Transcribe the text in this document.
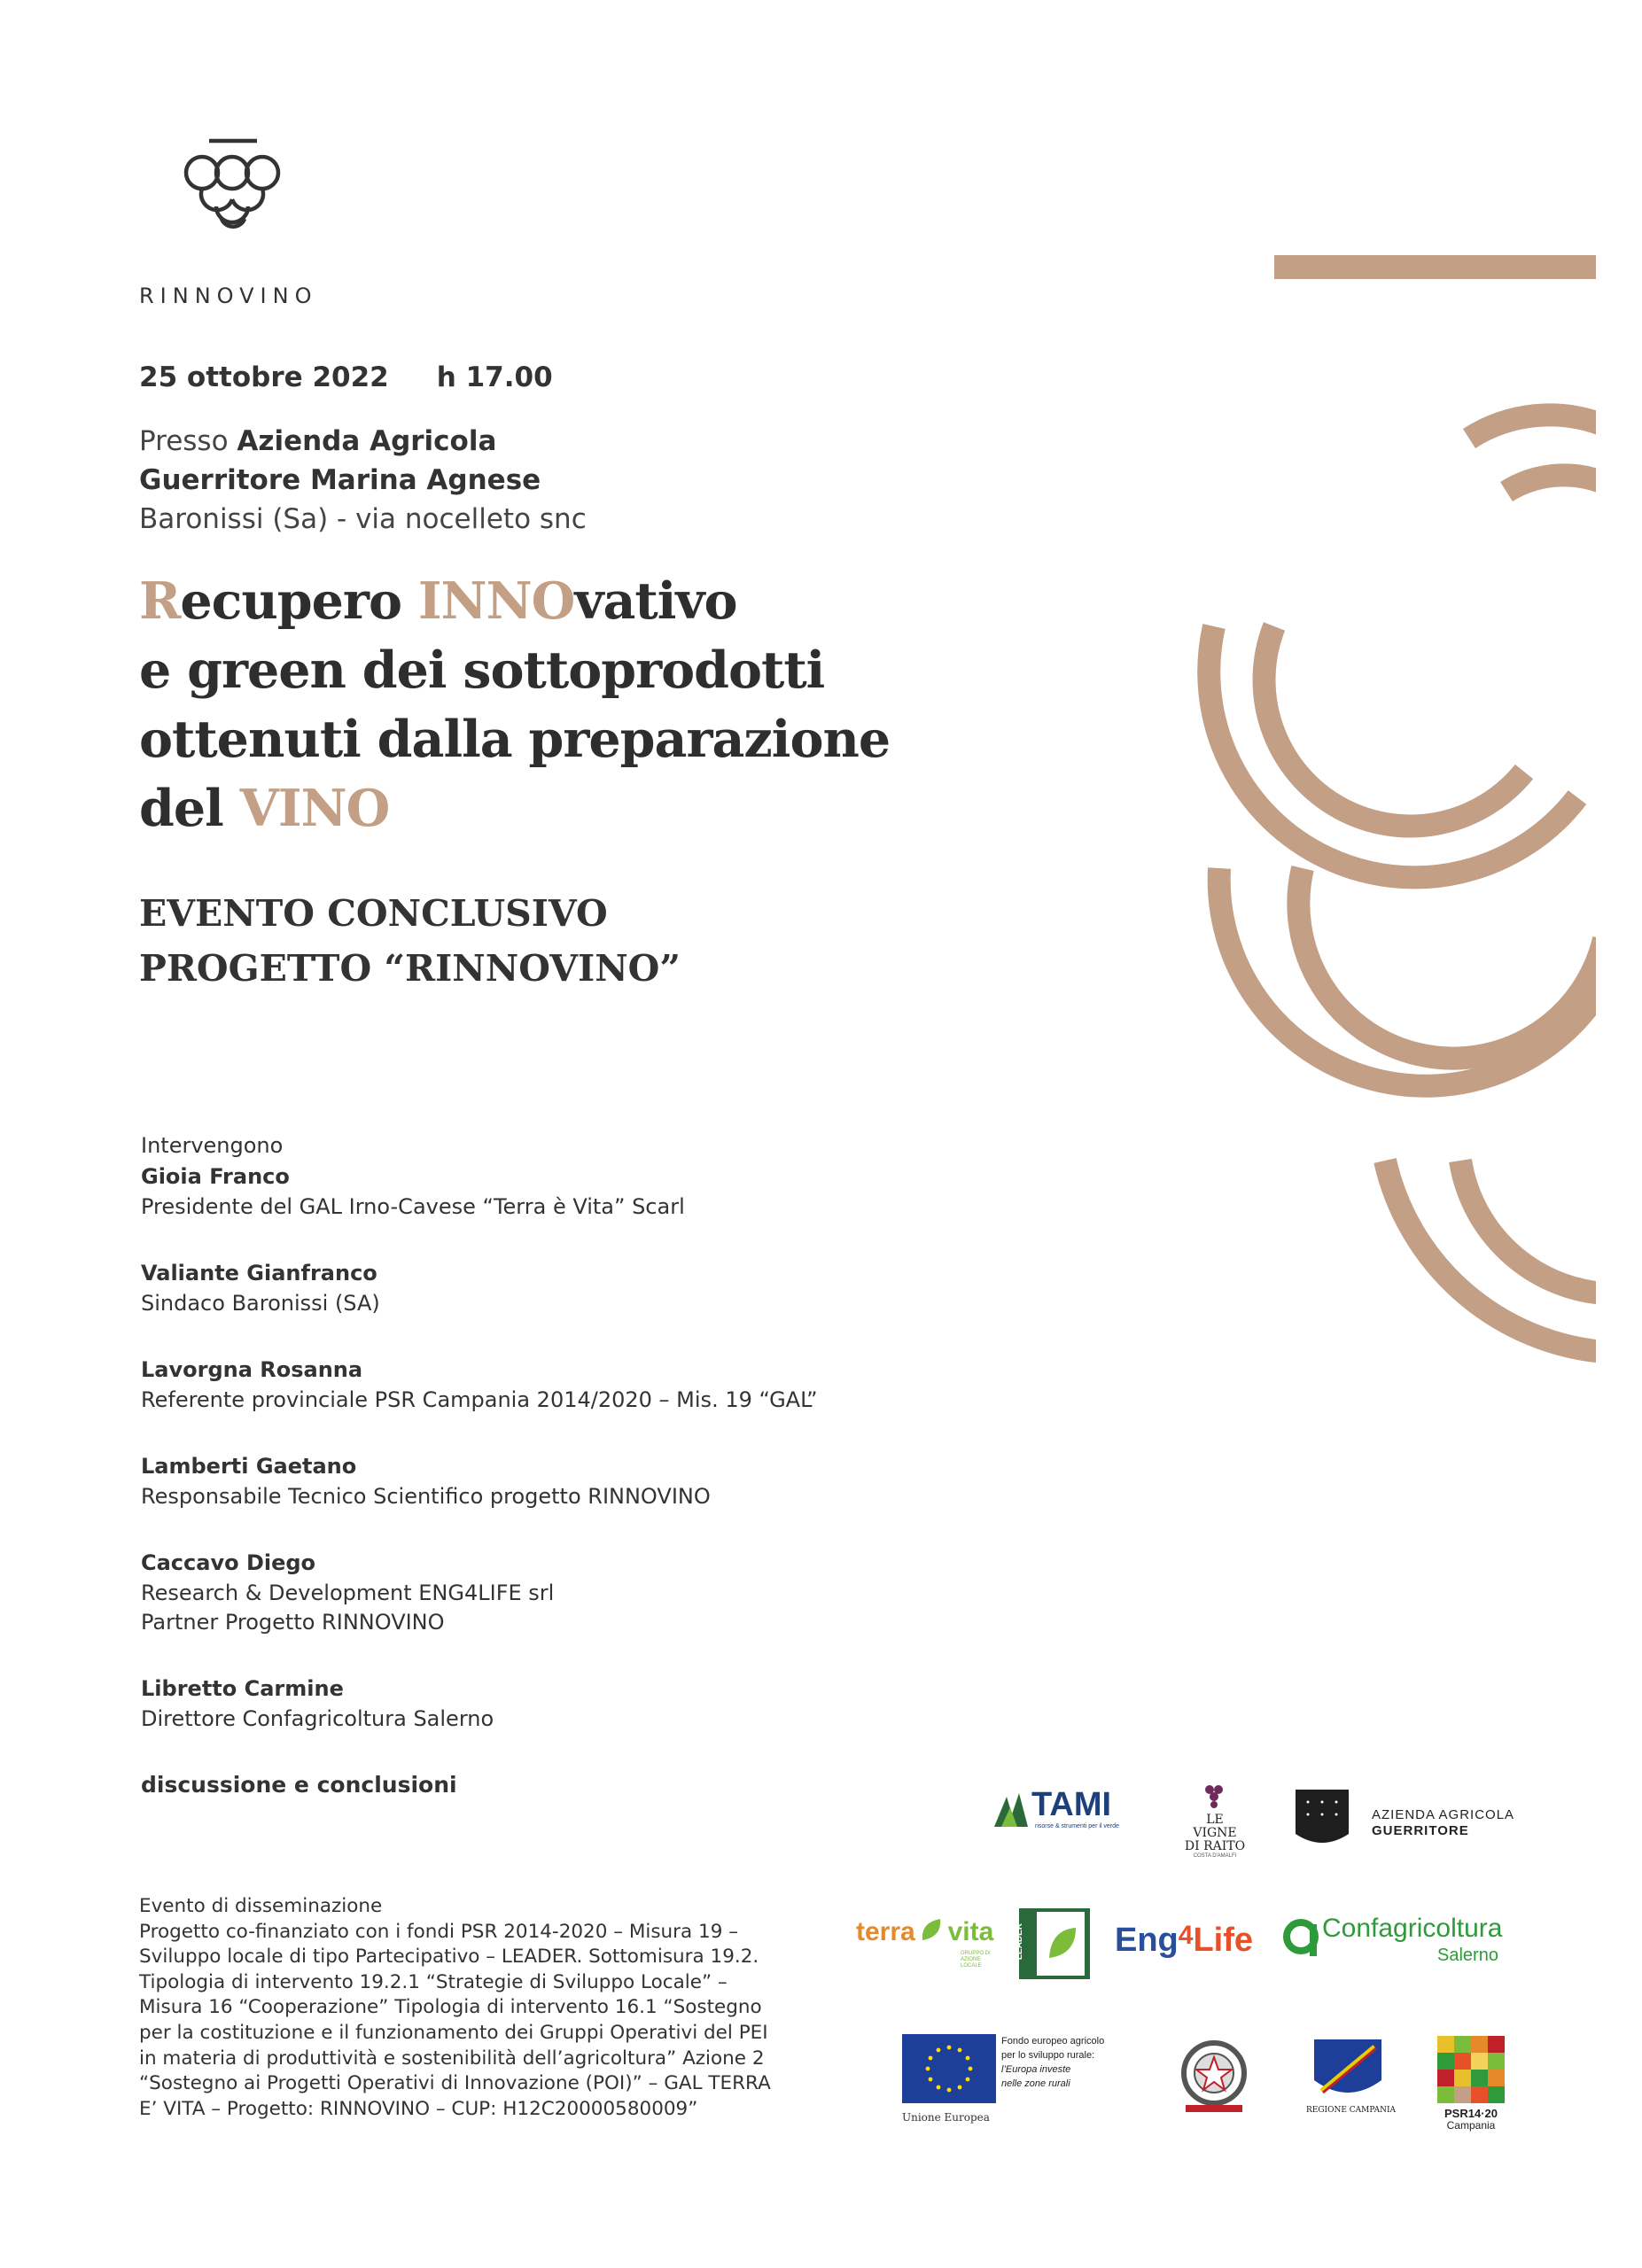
RINNOVINO
25 ottobre 2022 h 17.00
Presso Azienda Agricola
Guerritore Marina Agnese
Baronissi (Sa) - via nocelleto snc
Recupero INNOvativo
e green dei sottoprodotti
ottenuti dalla preparazione
del VINO
EVENTO CONCLUSIVO
PROGETTO “RINNOVINO”
Intervengono
Gioia Franco
Presidente del GAL Irno-Cavese “Terra è Vita” Scarl
Valiante Gianfranco
Sindaco Baronissi (SA)
Lavorgna Rosanna
Referente provinciale PSR Campania 2014/2020 – Mis. 19 “GAL”
Lamberti Gaetano
Responsabile Tecnico Scientifico progetto RINNOVINO
Caccavo Diego
Research & Development ENG4LIFE srl
Partner Progetto RINNOVINO
Libretto Carmine
Direttore Confagricoltura Salerno
discussione e conclusioni
Evento di disseminazione
Progetto co-finanziato con i fondi PSR 2014-2020 – Misura 19 –
Sviluppo locale di tipo Partecipativo – LEADER. Sottomisura 19.2.
Tipologia di intervento 19.2.1 “Strategie di Sviluppo Locale” –
Misura 16 “Cooperazione” Tipologia di intervento 16.1 “Sostegno
per la costituzione e il funzionamento dei Gruppi Operativi del PEI
in materia di produttività e sostenibilità dell’agricoltura” Azione 2
“Sostegno ai Progetti Operativi di Innovazione (POI)” – GAL TERRA
E’ VITA – Progetto: RINNOVINO – CUP: H12C20000580009”
TAMI
risorse & strumenti per il verde	LE
VIGNE
DI RAITO
COSTA D'AMALFI
AZIENDA AGRICOLA
GUERRITORE
terra vita
GRUPPO DI AZIONE LOCALE
LEADER	Eng$^4$Life	Confagricoltura
Salerno
Unione Europea
Fondo europeo agricolo
per lo sviluppo rurale:
l’Europa investe
nelle zone rurali
REGIONE CAMPANIA	PSR14·20
Campania
